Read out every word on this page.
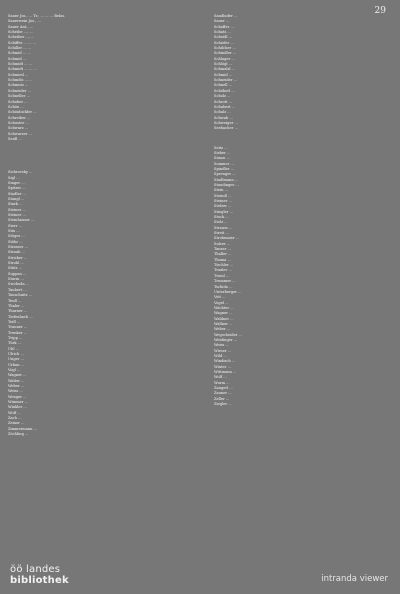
29
Sauer Jos., ... Tr., ... ... ... Belas.
Sauerwein Jos., ...
Sauer Ant., ...
Scheibe ..., ...
Scheiber ..., ...
Schiffer ... ... ...
Schiller ... ...
Schmid ... ...
Schmid ...
Schmidt ... ...
Schmidt ... ... ...
Schmied ...
Schmölz ... ...
Schmutz ...
Schneider ...
Schneller ...
Schober ...
Schön ...
Schönbichler ...
Schreiber ...
Schuster ...
Schwarz ...
Schwarzer ...
Seidl ...
Sichrovsky ...
Sigl ...
Singer ...
Spitzer ...
Stadler ...
Stangl ...
Stark ...
Steiner ...
Steiner ...
Steinhauser ...
Sterr ...
Stix ...
Stöger ...
Stöhr ...
Strasser ...
Straub ...
Stricker ...
Strobl ...
Stütz ...
Suppan ...
Sturm ...
Swoboda ...
Taubert ...
Tauschnitz ...
Teufl ...
Thaler ...
Thurner ...
Tiefenbach ...
Toifl ...
Trauner ...
Trenker ...
Tripp ...
Türk ...
Uhl ...
Ulrich ...
Unger ...
Urban ...
Vogl ...
Wagner ...
Walter ...
Weber ...
Weiss ...
Wenger ...
Wimmer ...
Winkler ...
Wolf ...
Zach ...
Zeiner ...
Zimmermann ...
Zöchling ...
Sandhofer ...
Sauer ...
Schaffer ...
Schatz ...
Scheidl ...
Schiefer ...
Schilcher ...
Schindler ...
Schlager ...
Schlögl ...
Schmalzl ...
Schmid ...
Schneider ...
Schnell ...
Schöberl ...
Scholz ...
Schrott ...
Schubert ...
Schulz ...
Schwab ...
Schweiger ...
Seebacher ...
Seitz ...
Sieber ...
Simon ...
Sommer ...
Spindler ...
Sprenger ...
Stadlmann ...
Staudinger ...
Stein ...
Steindl ...
Steiner ...
Stelzer ...
Stiegler ...
Stock ...
Stolz ...
Strauss ...
Streit ...
Strohmaier ...
Sulzer ...
Tanzer ...
Thaller ...
Thoma ...
Tischler ...
Traxler ...
Treml ...
Trummer ...
Tschida ...
Unterberger ...
Veit ...
Vogel ...
Wachter ...
Wagner ...
Waldner ...
Wallner ...
Weber ...
Wegscheider ...
Weidinger ...
Weiss ...
Wieser ...
Wild ...
Windisch ...
Winter ...
Wittmann ...
Wolf ...
Wurm ...
Zangerl ...
Zauner ...
Zeller ...
Ziegler ...
öö landes
bibliothek	intranda viewer
